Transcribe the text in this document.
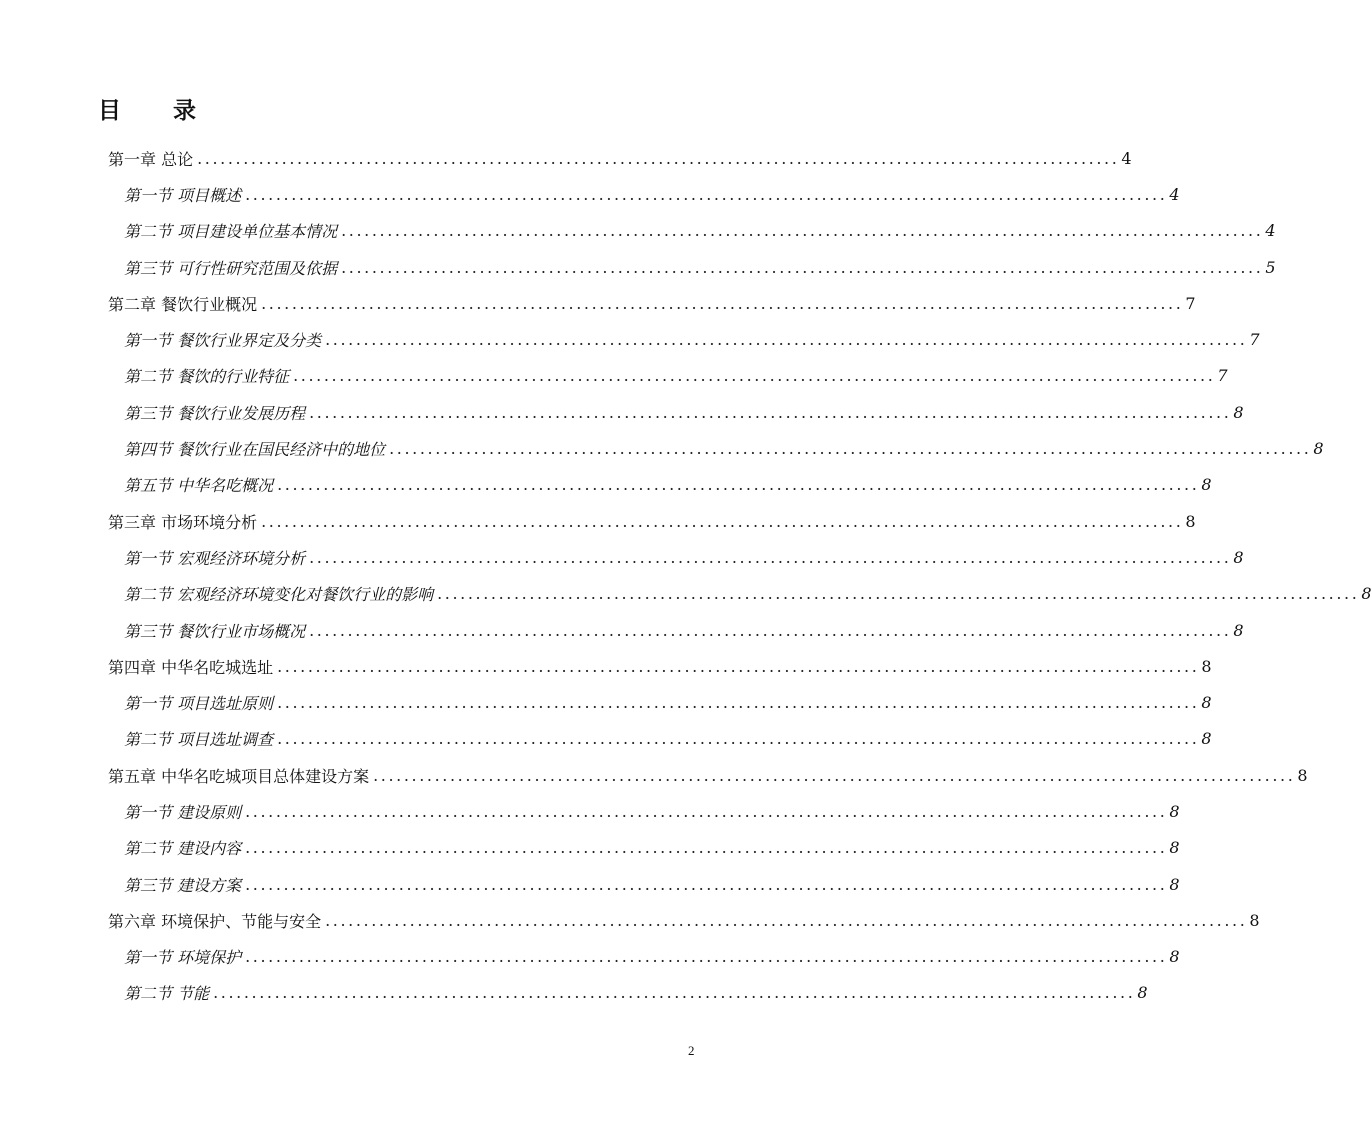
目 录
第一章 总论 ........................................................................................................................ 4
第一节 项目概述 ........................................................................................................................ 4
第二节 项目建设单位基本情况 ........................................................................................................................ 4
第三节 可行性研究范围及依据 ........................................................................................................................ 5
第二章 餐饮行业概况 ........................................................................................................................ 7
第一节 餐饮行业界定及分类 ........................................................................................................................ 7
第二节 餐饮的行业特征 ........................................................................................................................ 7
第三节 餐饮行业发展历程 ........................................................................................................................ 8
第四节 餐饮行业在国民经济中的地位 ........................................................................................................................ 8
第五节 中华名吃概况 ........................................................................................................................ 8
第三章 市场环境分析 ........................................................................................................................ 8
第一节 宏观经济环境分析 ........................................................................................................................ 8
第二节 宏观经济环境变化对餐饮行业的影响 ........................................................................................................................ 8
第三节 餐饮行业市场概况 ........................................................................................................................ 8
第四章 中华名吃城选址 ........................................................................................................................ 8
第一节 项目选址原则 ........................................................................................................................ 8
第二节 项目选址调查 ........................................................................................................................ 8
第五章 中华名吃城项目总体建设方案 ........................................................................................................................ 8
第一节 建设原则 ........................................................................................................................ 8
第二节 建设内容 ........................................................................................................................ 8
第三节 建设方案 ........................................................................................................................ 8
第六章 环境保护、节能与安全 ........................................................................................................................ 8
第一节 环境保护 ........................................................................................................................ 8
第二节 节能 ........................................................................................................................ 8
2
